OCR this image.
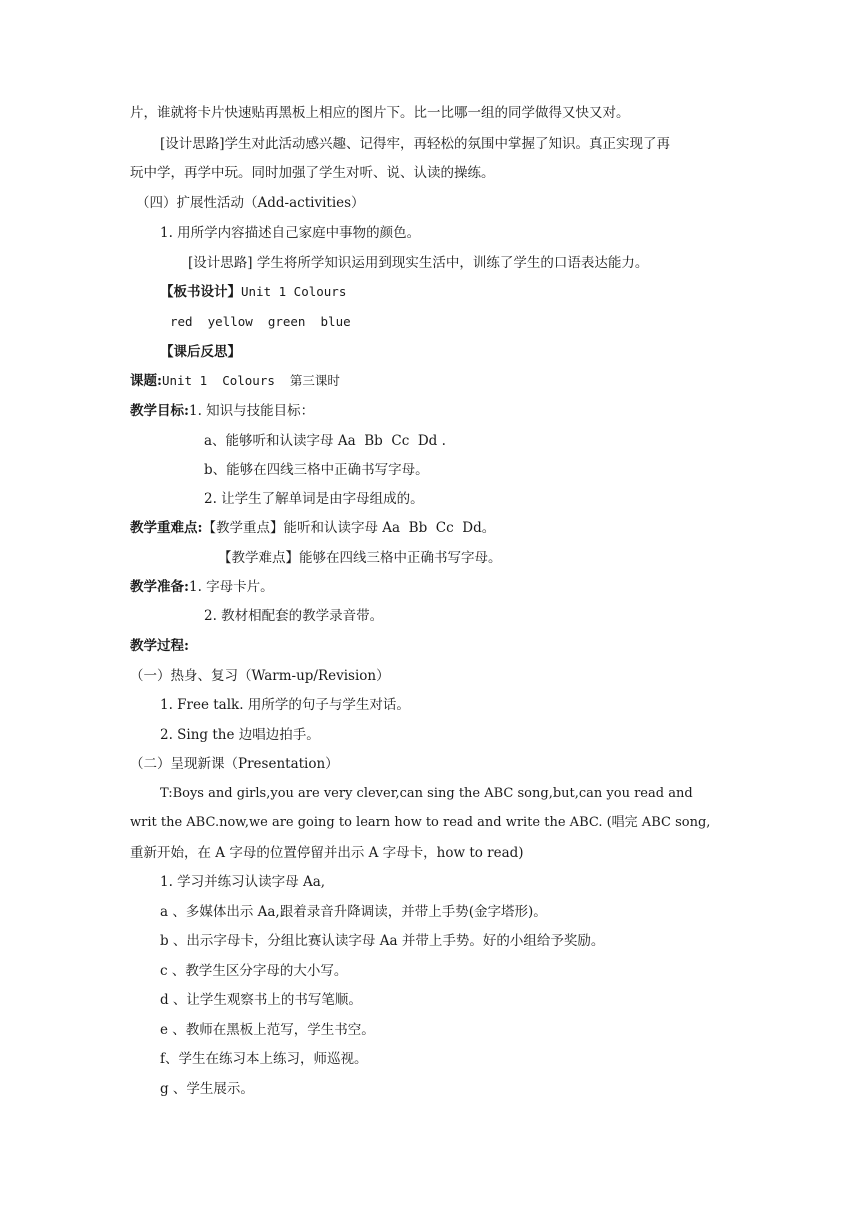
片，谁就将卡片快速贴再黑板上相应的图片下。比一比哪一组的同学做得又快又对。
[设计思路]学生对此活动感兴趣、记得牢，再轻松的氛围中掌握了知识。真正实现了再
玩中学，再学中玩。同时加强了学生对听、说、认读的操练。
（四）扩展性活动（Add-activities）
1. 用所学内容描述自己家庭中事物的颜色。
[设计思路] 学生将所学知识运用到现实生活中，训练了学生的口语表达能力。
【板书设计】Unit 1 Colours
red  yellow  green  blue
【课后反思】
课题:Unit 1  Colours  第三课时
教学目标:1. 知识与技能目标：
a、能够听和认读字母 Aa  Bb  Cc  Dd .
b、能够在四线三格中正确书写字母。
2. 让学生了解单词是由字母组成的。
教学重难点:【教学重点】能听和认读字母 Aa  Bb  Cc  Dd。
【教学难点】能够在四线三格中正确书写字母。
教学准备:1. 字母卡片。
2. 教材相配套的教学录音带。
教学过程:
（一）热身、复习（Warm-up/Revision）
1. Free talk. 用所学的句子与学生对话。
2. Sing the 边唱边拍手。
（二）呈现新课（Presentation）
T:Boys and girls,you are very clever,can sing the ABC song,but,can you read and
writ the ABC.now,we are going to learn how to read and write the ABC. (唱完 ABC song,
重新开始，在 A 字母的位置停留并出示 A 字母卡，how to read)
1. 学习并练习认读字母 Aa,
a 、多媒体出示 Aa,跟着录音升降调读，并带上手势(金字塔形)。
b 、出示字母卡，分组比赛认读字母 Aa 并带上手势。好的小组给予奖励。
c 、教学生区分字母的大小写。
d 、让学生观察书上的书写笔顺。
e 、教师在黑板上范写，学生书空。
f、学生在练习本上练习，师巡视。
g 、学生展示。
